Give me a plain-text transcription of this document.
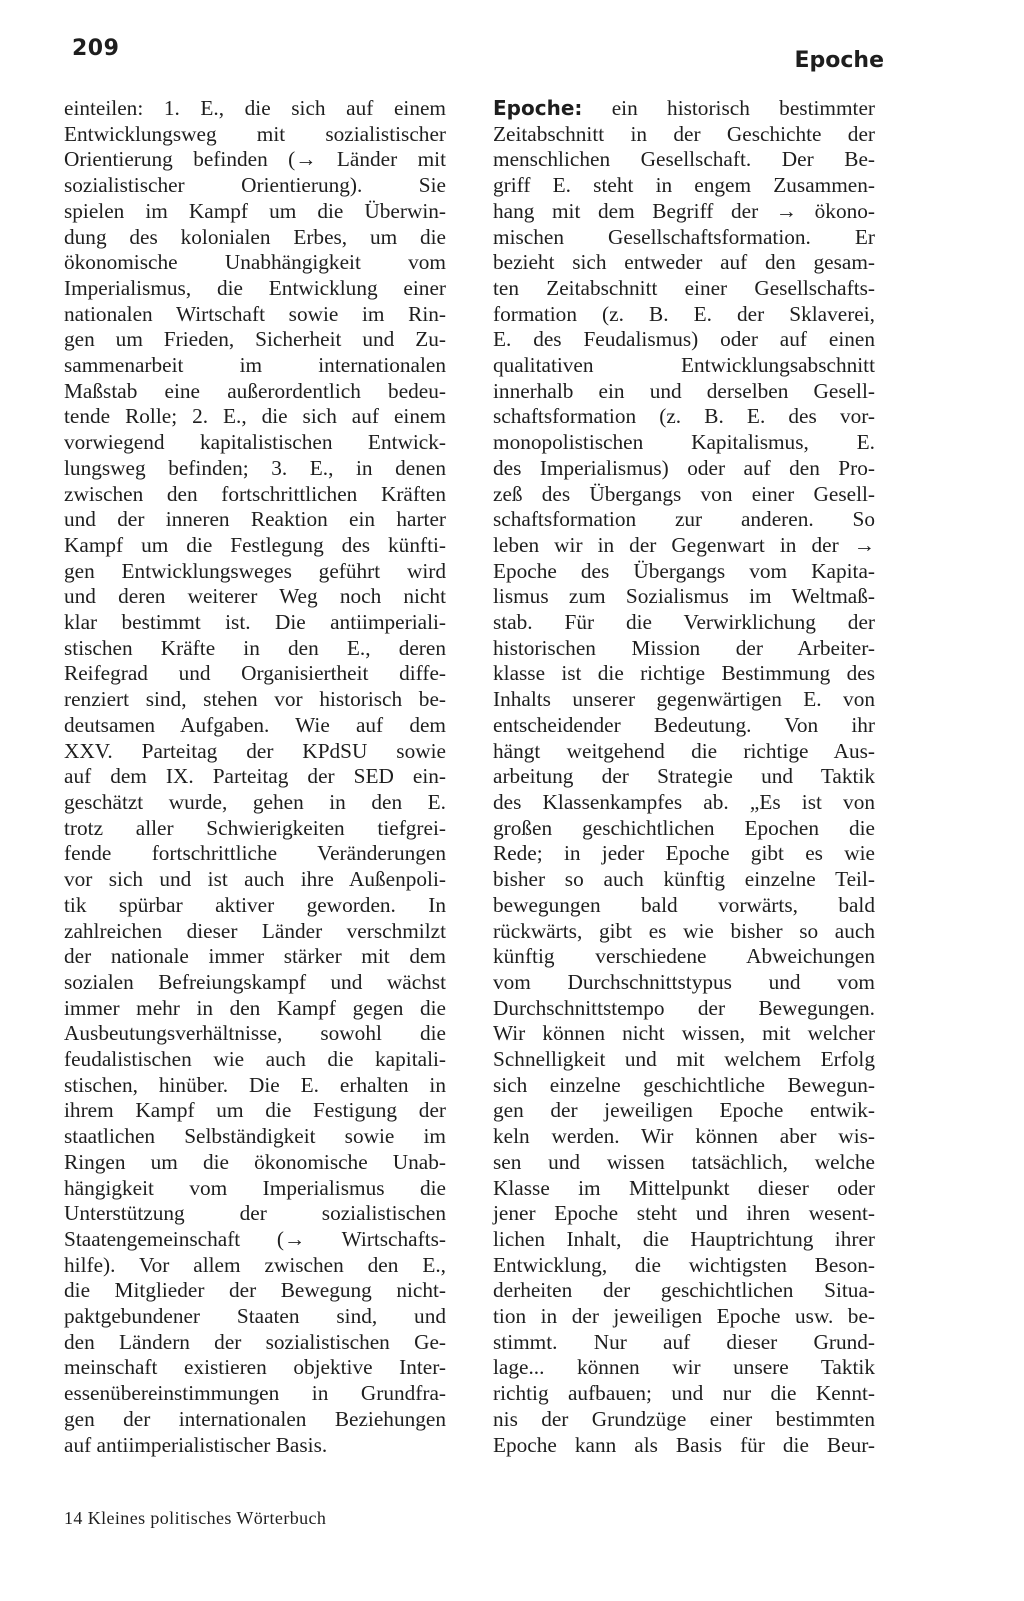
209	Epoche

einteilen: 1. E., die sich auf einem

Entwicklungsweg mit sozialistischer

Orientierung befinden (→ Länder mit

sozialistischer Orientierung). Sie

spielen im Kampf um die Überwin-

dung des kolonialen Erbes, um die

ökonomische Unabhängigkeit vom

Imperialismus, die Entwicklung einer

nationalen Wirtschaft sowie im Rin-

gen um Frieden, Sicherheit und Zu-

sammenarbeit im internationalen

Maßstab eine außerordentlich bedeu-

tende Rolle; 2. E., die sich auf einem

vorwiegend kapitalistischen Entwick-

lungsweg befinden; 3. E., in denen

zwischen den fortschrittlichen Kräften

und der inneren Reaktion ein harter

Kampf um die Festlegung des künfti-

gen Entwicklungsweges geführt wird

und deren weiterer Weg noch nicht

klar bestimmt ist. Die antiimperiali-

stischen Kräfte in den E., deren

Reifegrad und Organisiertheit diffe-

renziert sind, stehen vor historisch be-

deutsamen Aufgaben. Wie auf dem

XXV. Parteitag der KPdSU sowie

auf dem IX. Parteitag der SED ein-

geschätzt wurde, gehen in den E.

trotz aller Schwierigkeiten tiefgrei-

fende fortschrittliche Veränderungen

vor sich und ist auch ihre Außenpoli-

tik spürbar aktiver geworden. In

zahlreichen dieser Länder verschmilzt

der nationale immer stärker mit dem

sozialen Befreiungskampf und wächst

immer mehr in den Kampf gegen die

Ausbeutungsverhältnisse, sowohl die

feudalistischen wie auch die kapitali-

stischen, hinüber. Die E. erhalten in

ihrem Kampf um die Festigung der

staatlichen Selbständigkeit sowie im

Ringen um die ökonomische Unab-

hängigkeit vom Imperialismus die

Unterstützung der sozialistischen

Staatengemeinschaft (→ Wirtschafts-

hilfe). Vor allem zwischen den E.,

die Mitglieder der Bewegung nicht-

paktgebundener Staaten sind, und

den Ländern der sozialistischen Ge-

meinschaft existieren objektive Inter-

essenübereinstimmungen in Grundfra-

gen der internationalen Beziehungen

auf antiimperialistischer Basis.

Epoche: ein historisch bestimmter

Zeitabschnitt in der Geschichte der

menschlichen Gesellschaft. Der Be-

griff E. steht in engem Zusammen-

hang mit dem Begriff der → ökono-

mischen Gesellschaftsformation. Er

bezieht sich entweder auf den gesam-

ten Zeitabschnitt einer Gesellschafts-

formation (z. B. E. der Sklaverei,

E. des Feudalismus) oder auf einen

qualitativen Entwicklungsabschnitt

innerhalb ein und derselben Gesell-

schaftsformation (z. B. E. des vor-

monopolistischen Kapitalismus, E.

des Imperialismus) oder auf den Pro-

zeß des Übergangs von einer Gesell-

schaftsformation zur anderen. So

leben wir in der Gegenwart in der →

Epoche des Übergangs vom Kapita-

lismus zum Sozialismus im Weltmaß-

stab. Für die Verwirklichung der

historischen Mission der Arbeiter-

klasse ist die richtige Bestimmung des

Inhalts unserer gegenwärtigen E. von

entscheidender Bedeutung. Von ihr

hängt weitgehend die richtige Aus-

arbeitung der Strategie und Taktik

des Klassenkampfes ab. „Es ist von

großen geschichtlichen Epochen die

Rede; in jeder Epoche gibt es wie

bisher so auch künftig einzelne Teil-

bewegungen bald vorwärts, bald

rückwärts, gibt es wie bisher so auch

künftig verschiedene Abweichungen

vom Durchschnittstypus und vom

Durchschnittstempo der Bewegungen.

Wir können nicht wissen, mit welcher

Schnelligkeit und mit welchem Erfolg

sich einzelne geschichtliche Bewegun-

gen der jeweiligen Epoche entwik-

keln werden. Wir können aber wis-

sen und wissen tatsächlich, welche

Klasse im Mittelpunkt dieser oder

jener Epoche steht und ihren wesent-

lichen Inhalt, die Hauptrichtung ihrer

Entwicklung, die wichtigsten Beson-

derheiten der geschichtlichen Situa-

tion in der jeweiligen Epoche usw. be-

stimmt. Nur auf dieser Grund-

lage... können wir unsere Taktik

richtig aufbauen; und nur die Kennt-

nis der Grundzüge einer bestimmten

Epoche kann als Basis für die Beur-

14 Kleines politisches Wörterbuch
